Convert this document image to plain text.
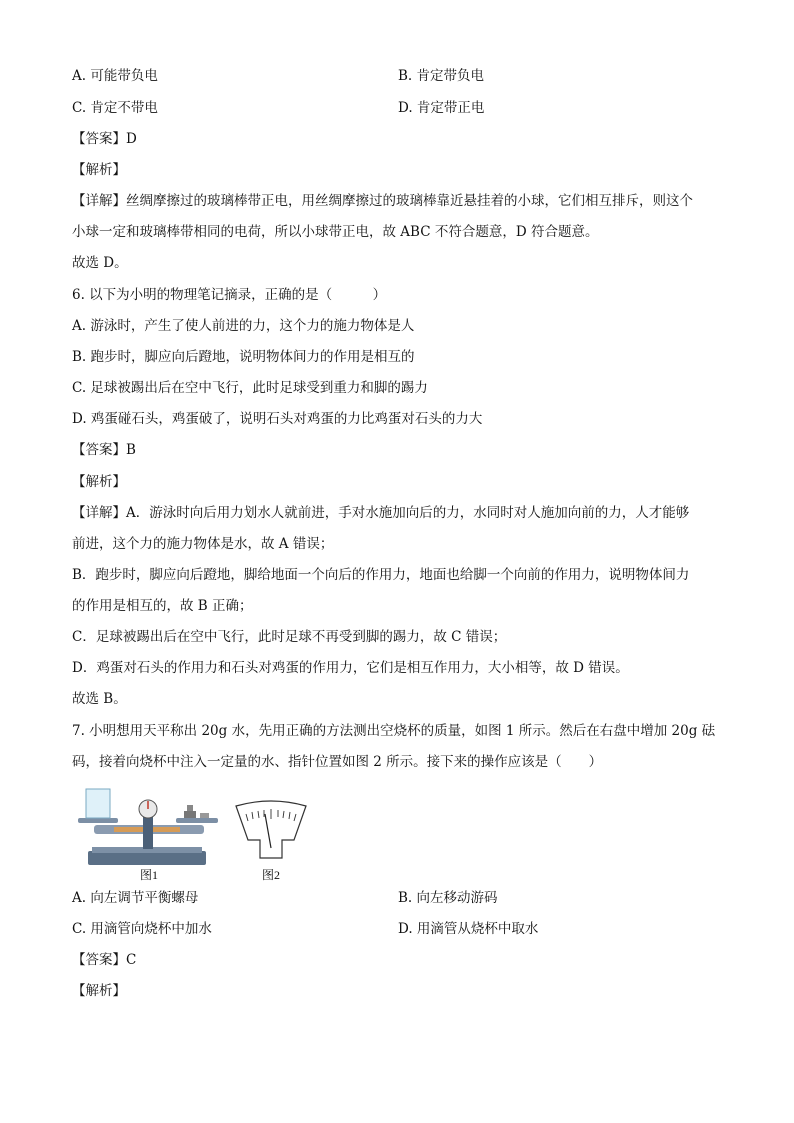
A. 可能带负电	B. 肯定带负电
C. 肯定不带电	D. 肯定带正电
【答案】D
【解析】
【详解】丝绸摩擦过的玻璃棒带正电，用丝绸摩擦过的玻璃棒靠近悬挂着的小球，它们相互排斥，则这个
小球一定和玻璃棒带相同的电荷，所以小球带正电，故 ABC 不符合题意，D 符合题意。
故选 D。
6. 以下为小明的物理笔记摘录，正确的是（　　　）
A. 游泳时，产生了使人前进的力，这个力的施力物体是人
B. 跑步时，脚应向后蹬地，说明物体间力的作用是相互的
C. 足球被踢出后在空中飞行，此时足球受到重力和脚的踢力
D. 鸡蛋碰石头，鸡蛋破了，说明石头对鸡蛋的力比鸡蛋对石头的力大
【答案】B
【解析】
【详解】A．游泳时向后用力划水人就前进，手对水施加向后的力，水同时对人施加向前的力，人才能够
前进，这个力的施力物体是水，故 A 错误；
B．跑步时，脚应向后蹬地，脚给地面一个向后的作用力，地面也给脚一个向前的作用力，说明物体间力
的作用是相互的，故 B 正确；
C．足球被踢出后在空中飞行，此时足球不再受到脚的踢力，故 C 错误；
D．鸡蛋对石头的作用力和石头对鸡蛋的作用力，它们是相互作用力，大小相等，故 D 错误。
故选 B。
7. 小明想用天平称出 20g 水，先用正确的方法测出空烧杯的质量，如图 1 所示。然后在右盘中增加 20g 砝
码，接着向烧杯中注入一定量的水、指针位置如图 2 所示。接下来的操作应该是（　　）
图1	图2
A. 向左调节平衡螺母	B. 向左移动游码
C. 用滴管向烧杯中加水	D. 用滴管从烧杯中取水
【答案】C
【解析】
